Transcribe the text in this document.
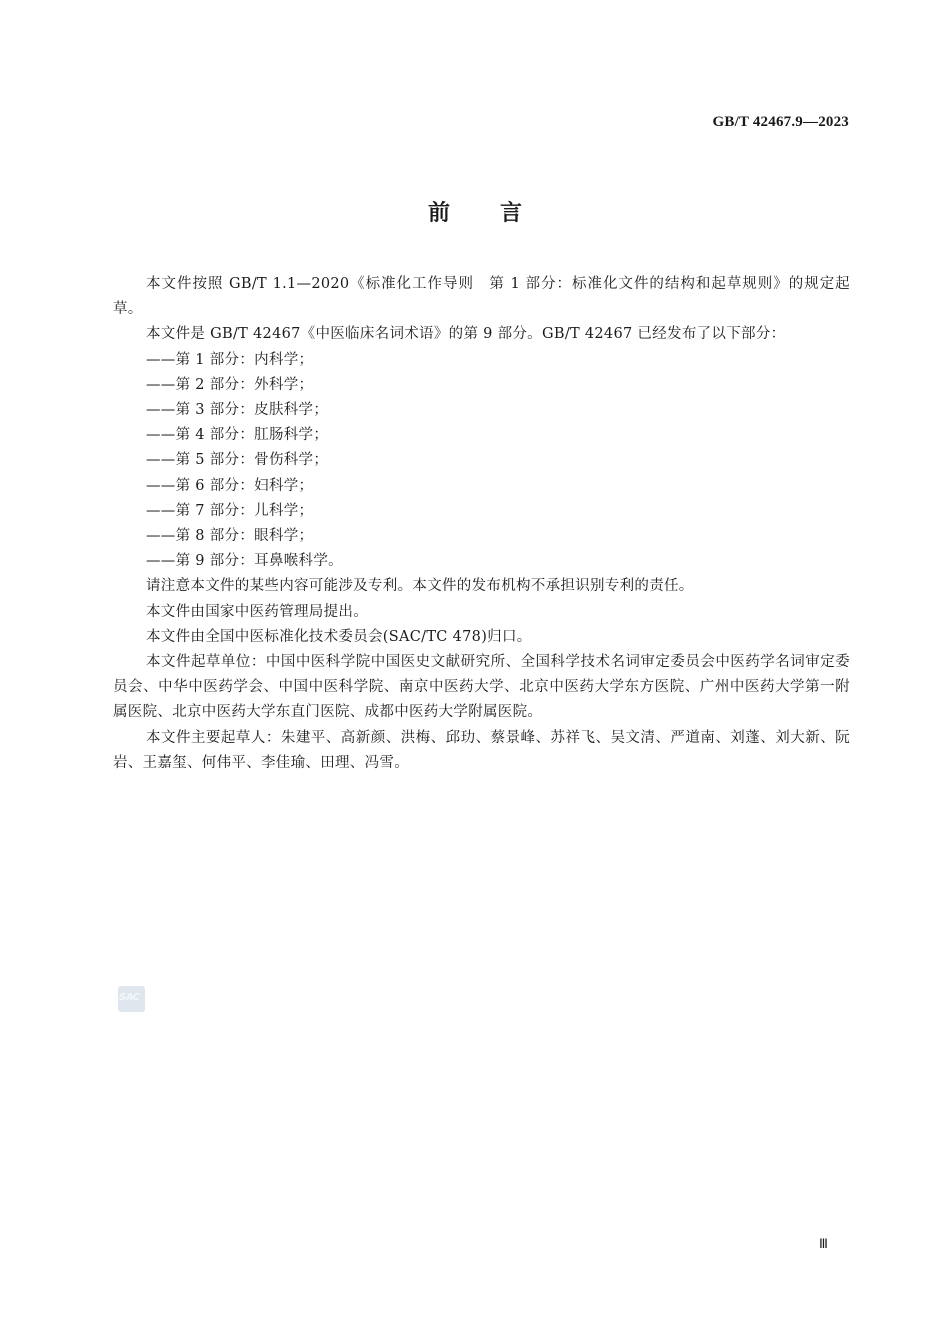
GB/T 42467.9—2023
前言

本文件按照 GB/T 1.1—2020《标准化工作导则　第 1 部分：标准化文件的结构和起草规则》的规定起草。

本文件是 GB/T 42467《中医临床名词术语》的第 9 部分。GB/T 42467 已经发布了以下部分：

——第 1 部分：内科学；

——第 2 部分：外科学；

——第 3 部分：皮肤科学；

——第 4 部分：肛肠科学；

——第 5 部分：骨伤科学；

——第 6 部分：妇科学；

——第 7 部分：儿科学；

——第 8 部分：眼科学；

——第 9 部分：耳鼻喉科学。

请注意本文件的某些内容可能涉及专利。本文件的发布机构不承担识别专利的责任。

本文件由国家中医药管理局提出。

本文件由全国中医标准化技术委员会(SAC/TC 478)归口。

本文件起草单位：中国中医科学院中国医史文献研究所、全国科学技术名词审定委员会中医药学名词审定委员会、中华中医药学会、中国中医科学院、南京中医药大学、北京中医药大学东方医院、广州中医药大学第一附属医院、北京中医药大学东直门医院、成都中医药大学附属医院。

本文件主要起草人：朱建平、高新颜、洪梅、邱玏、蔡景峰、苏祥飞、吴文清、严道南、刘蓬、刘大新、阮岩、王嘉玺、何伟平、李佳瑜、田理、冯雪。

SAC
Ⅲ
